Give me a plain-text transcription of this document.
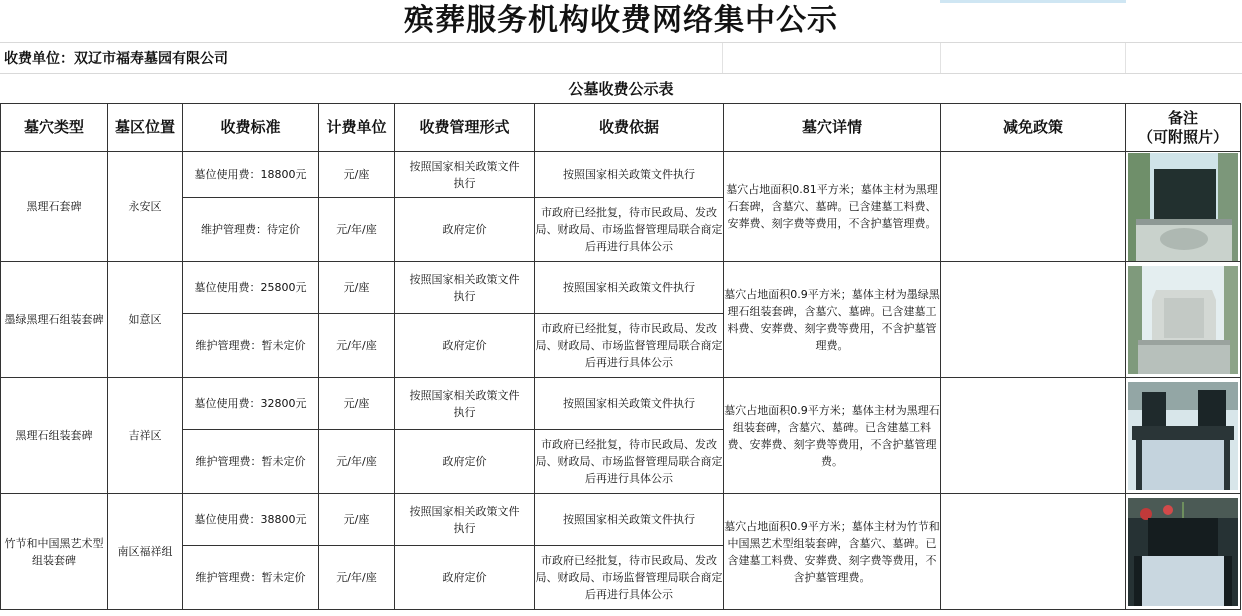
殡葬服务机构收费网络集中公示
收费单位：双辽市福寿墓园有限公司
公墓收费公示表
墓穴类型	墓区位置	收费标准	计费单位	收费管理形式	收费依据	墓穴详情	减免政策	备注
（可附照片）
黑理石套碑	永安区	墓位使用费：18800元	元/座	按照国家相关政策文件执行	按照国家相关政策文件执行	墓穴占地面积0.81平方米；墓体主材为黑理石套碑，含墓穴、墓碑。已含建墓工料费、安葬费、刻字费等费用，不含护墓管理费。		

		维护管理费：待定价	元/年/座	政府定价	市政府已经批复，待市民政局、发改局、财政局、市场监督管理局联合商定后再进行具体公示			
墨绿黑理石组装套碑	如意区	墓位使用费：25800元	元/座	按照国家相关政策文件执行	按照国家相关政策文件执行	墓穴占地面积0.9平方米；墓体主材为墨绿黑理石组装套碑，含墓穴、墓碑。已含建墓工料费、安葬费、刻字费等费用，不含护墓管理费。		

		维护管理费：暂未定价	元/年/座	政府定价	市政府已经批复，待市民政局、发改局、财政局、市场监督管理局联合商定后再进行具体公示			
黑理石组装套碑	吉祥区	墓位使用费：32800元	元/座	按照国家相关政策文件执行	按照国家相关政策文件执行	墓穴占地面积0.9平方米；墓体主材为黑理石组装套碑，含墓穴、墓碑。已含建墓工料费、安葬费、刻字费等费用，不含护墓管理费。		

		维护管理费：暂未定价	元/年/座	政府定价	市政府已经批复，待市民政局、发改局、财政局、市场监督管理局联合商定后再进行具体公示			
竹节和中国黑艺术型组装套碑	南区福祥组	墓位使用费：38800元	元/座	按照国家相关政策文件执行	按照国家相关政策文件执行	墓穴占地面积0.9平方米；墓体主材为竹节和中国黑艺术型组装套碑，含墓穴、墓碑。已含建墓工料费、安葬费、刻字费等费用，不含护墓管理费。		

		维护管理费：暂未定价	元/年/座	政府定价	市政府已经批复，待市民政局、发改局、财政局、市场监督管理局联合商定后再进行具体公示			
